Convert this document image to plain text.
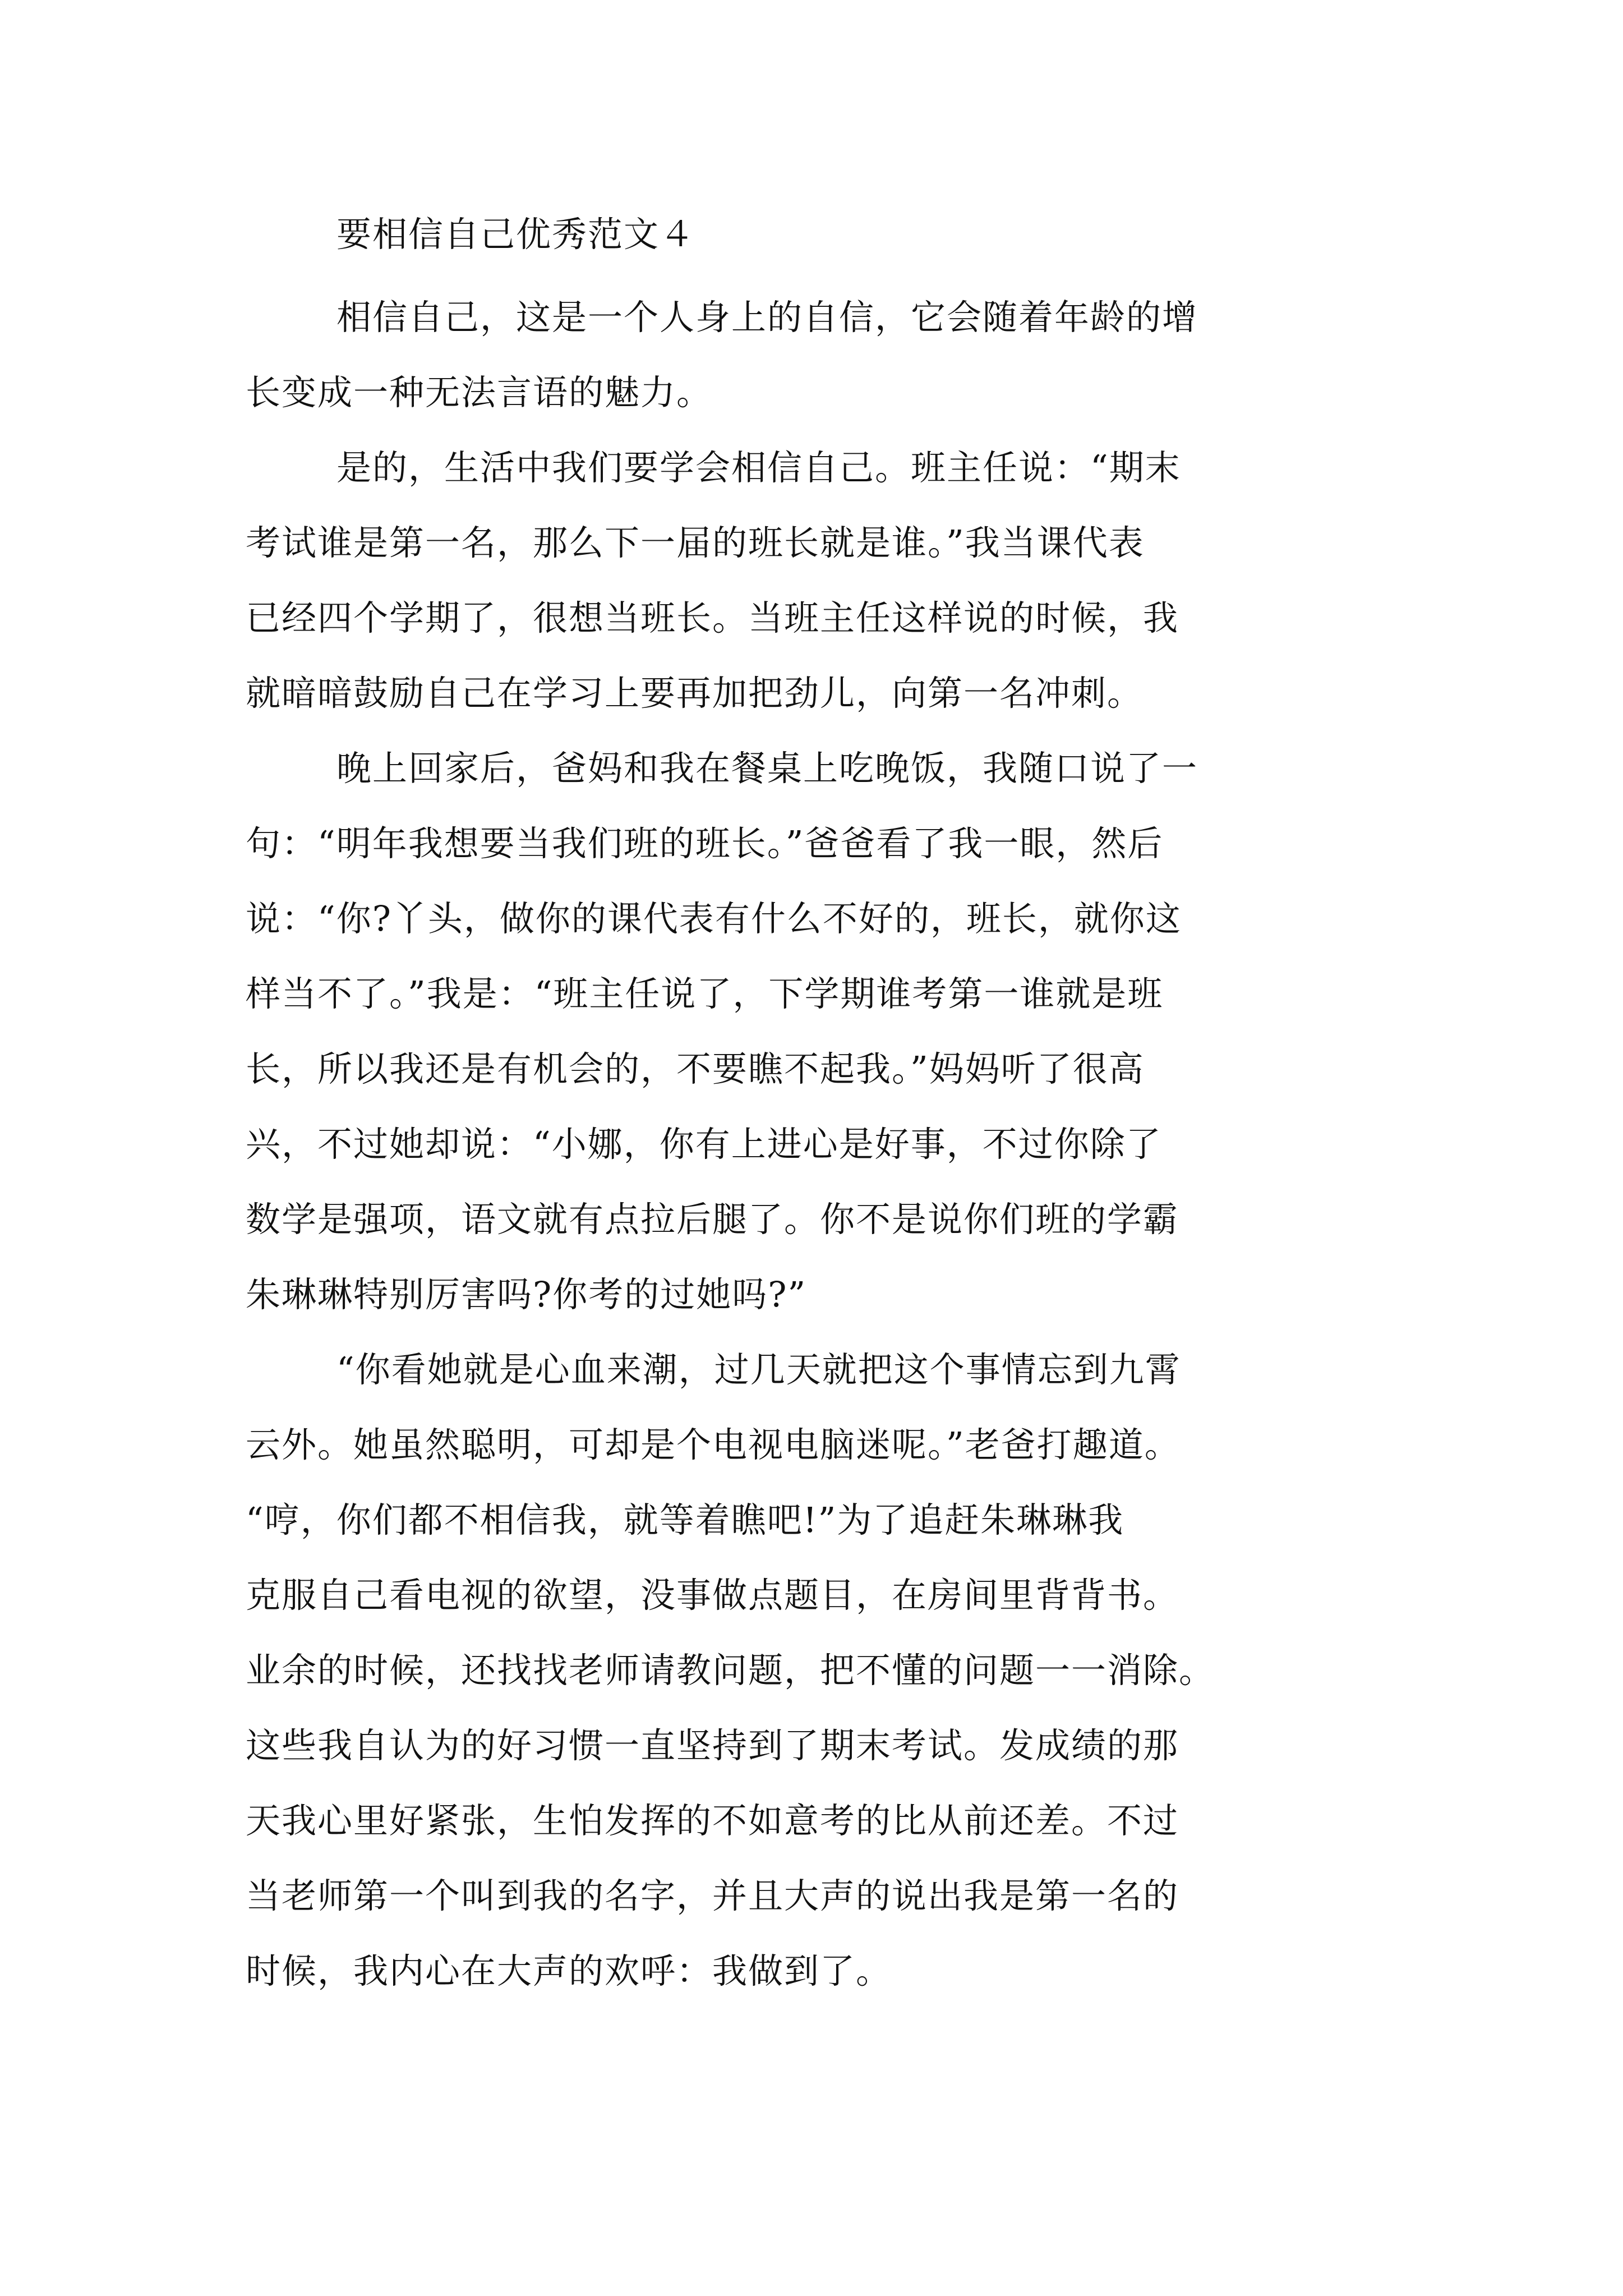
要相信自己优秀范文４

相信自己，这是一个人身上的自信，它会随着年龄的增

长变成一种无法言语的魅力。

是的，生活中我们要学会相信自己。班主任说：“期末

考试谁是第一名，那么下一届的班长就是谁。”我当课代表

已经四个学期了，很想当班长。当班主任这样说的时候，我

就暗暗鼓励自己在学习上要再加把劲儿，向第一名冲刺。

晚上回家后，爸妈和我在餐桌上吃晚饭，我随口说了一

句：“明年我想要当我们班的班长。”爸爸看了我一眼，然后

说：“你?丫头，做你的课代表有什么不好的，班长，就你这

样当不了。”我是：“班主任说了，下学期谁考第一谁就是班

长，所以我还是有机会的，不要瞧不起我。”妈妈听了很高

兴，不过她却说：“小娜，你有上进心是好事，不过你除了

数学是强项，语文就有点拉后腿了。你不是说你们班的学霸

朱琳琳特别厉害吗?你考的过她吗?”

“你看她就是心血来潮，过几天就把这个事情忘到九霄

云外。她虽然聪明，可却是个电视电脑迷呢。”老爸打趣道。

“哼，你们都不相信我，就等着瞧吧!”为了追赶朱琳琳我

克服自己看电视的欲望，没事做点题目，在房间里背背书。

业余的时候，还找找老师请教问题，把不懂的问题一一消除。

这些我自认为的好习惯一直坚持到了期末考试。发成绩的那

天我心里好紧张，生怕发挥的不如意考的比从前还差。不过

当老师第一个叫到我的名字，并且大声的说出我是第一名的

时候，我内心在大声的欢呼：我做到了。
